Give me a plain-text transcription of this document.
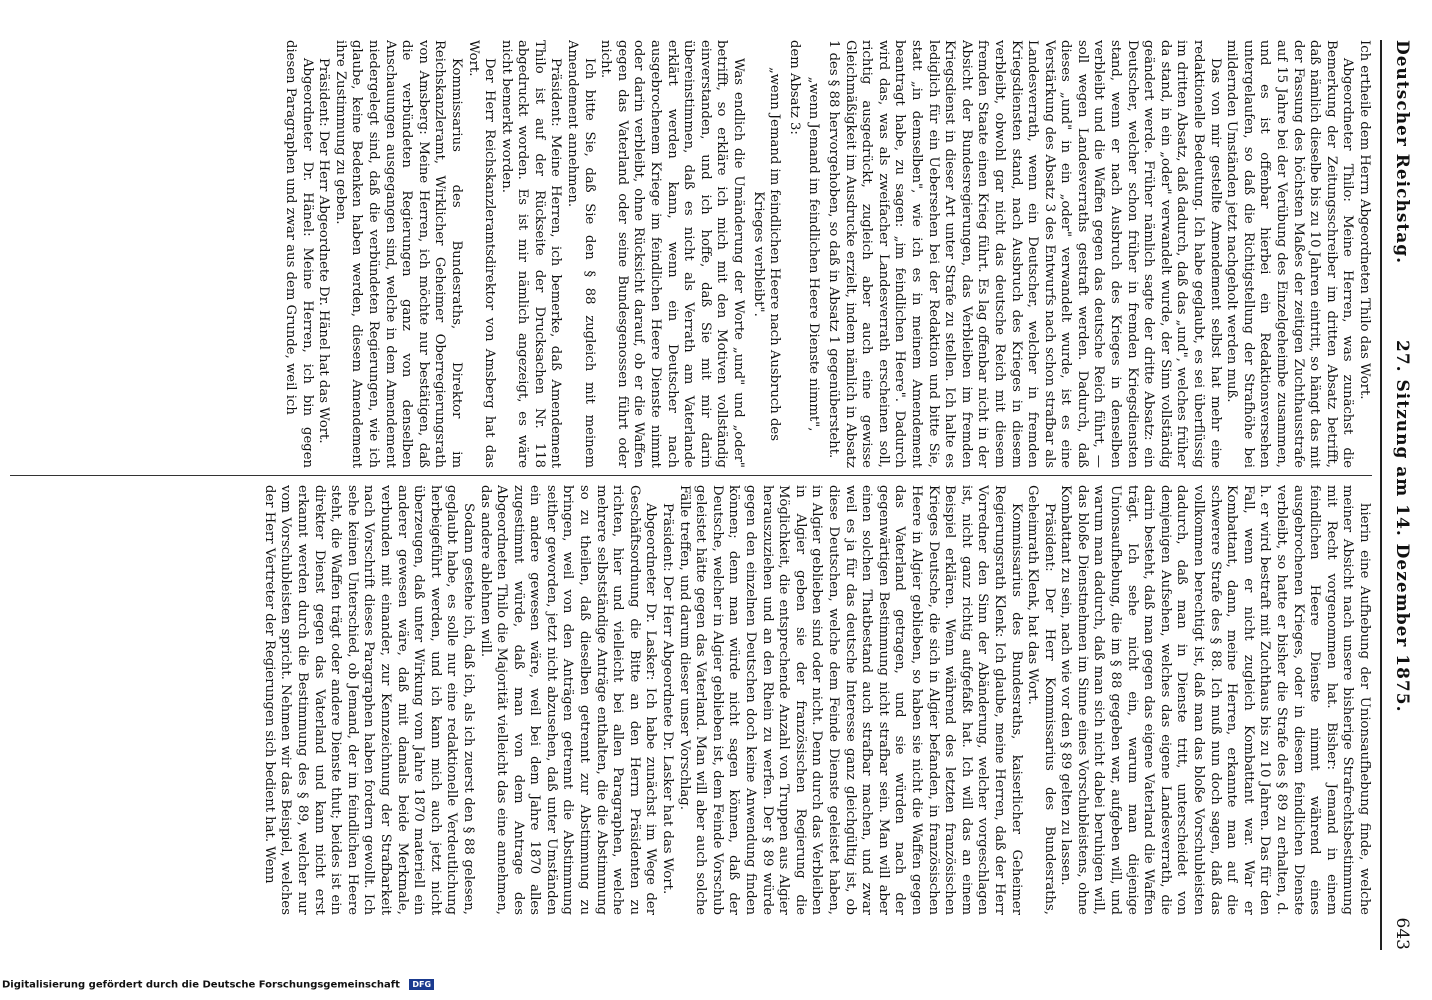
Deutscher Reichstag.
27. Sitzung am 14. Dezember 1875.
643

Ich ertheile dem Herrn Abgeordneten Thilo das Wort.

Abgeordneter Thilo: Meine Herren, was zunächst die Bemerkung der Zeitungsschreiber im dritten Absatz betrifft, daß nämlich dieselbe bis zu 10 Jahren eintritt, so hängt das mit der Fassung des höchsten Maßes der zeitigen Zuchthausstrafe auf 15 Jahre bei der Verübung des Einzelgeheimbe zusammen, und es ist offenbar hierbei ein Redaktionsversehen untergelaufen, so daß die Richtigstellung der Strafhöhe bei mildernden Umständen jetzt nachgeholt werden muß.

Das von mir gestellte Amendement selbst hat mehr eine redaktionelle Bedeutung. Ich habe geglaubt, es sei überflüssig im dritten Absatz, daß dadurch, daß das „und", welches früher da stand, in ein „oder" verwandelt wurde, der Sinn vollständig geändert werde. Früher nämlich sagte der dritte Absatz: ein Deutscher, welcher schon früher in fremden Kriegsdiensten stand, wenn er nach Ausbruch des Krieges in denselben verbleibt und die Waffen gegen das deutsche Reich führt, — soll wegen Landesverraths gestraft werden. Dadurch, daß dieses „und" in ein „oder" verwandelt wurde, ist es eine Verstärkung des Absatz 3 des Entwurfs nach schon strafbar als Landesverrath, wenn ein Deutscher, welcher in fremden Kriegsdiensten stand, nach Ausbruch des Krieges in diesem verbleibt, obwohl gar nicht das deutsche Reich mit diesem fremden Staate einen Krieg führt. Es lag offenbar nicht in der Absicht der Bundesregierungen, das Verbleiben im fremden Kriegsdienst in dieser Art unter Strafe zu stellen. Ich halte es lediglich für ein Uebersehen bei der Redaktion und bitte Sie, statt „in demselben", wie ich es in meinem Amendement beantragt habe, zu sagen: „im feindlichen Heere". Dadurch wird das, was als zweifacher Landesverrath erscheinen soll, richtig ausgedrückt, zugleich aber auch eine gewisse Gleichmäßigkeit im Ausdrucke erzielt, indem nämlich in Absatz 1 des § 88 hervorgehoben, so daß in Absatz 1 gegenübersteht.

„wenn Jemand im feindlichen Heere Dienste nimmt",

dem Absatz 3:

„wenn Jemand im feindlichen Heere nach Ausbruch des Krieges verbleibt".

Was endlich die Umänderung der Worte „und" und „oder" betrifft, so erkläre ich mich mit den Motiven vollständig einverstanden, und ich hoffe, daß Sie mit mir darin übereinstimmen, daß es nicht als Verrath am Vaterlande erklärt werden kann, wenn ein Deutscher nach ausgebrochenem Kriege im feindlichen Heere Dienste nimmt oder darin verbleibt, ohne Rücksicht darauf, ob er die Waffen gegen das Vaterland oder seine Bundesgenossen führt oder nicht.

Ich bitte Sie, daß Sie den § 88 zugleich mit meinem Amendement annehmen.

Präsident: Meine Herren, ich bemerke, daß Amendement Thilo ist auf der Rückseite der Drucksachen Nr. 118 abgedruckt worden. Es ist mir nämlich angezeigt, es wäre nicht bemerkt worden.

Der Herr Reichskanzleramtsdirektor von Amsberg hat das Wort.

Kommissarius des Bundesraths, Direktor im Reichskanzleramt, Wirklicher Geheimer Oberregierungsrath von Amsberg: Meine Herren, ich möchte nur bestätigen, daß die verbündeten Regierungen ganz von denselben Anschauungen ausgegangen sind, welche in dem Amendement niedergelegt sind, daß die verbündeten Regierungen, wie ich glaube, keine Bedenken haben werden, diesem Amendement ihre Zustimmung zu geben.

Präsident: Der Herr Abgeordnete Dr. Hänel hat das Wort.

Abgeordneter Dr. Hänel: Meine Herren, ich bin gegen diesen Paragraphen und zwar aus dem Grunde, weil ich

hierin eine Aufhebung der Unionsaufhebung finde, welche meiner Absicht nach unsere bisherige Strafrechtsbestimmung mit Recht vorgenommen hat. Bisher: Jemand in einem feindlichen Heere Dienste nimmt während eines ausgebrochenen Krieges, oder in diesem feindlichen Dienste verbleibt, so hatte er bisher die Strafe des § 89 zu erhalten, d. h. er wird bestraft mit Zuchthaus bis zu 10 Jahren. Das für den Fall, wenn er nicht zugleich Kombattant war. War er Kombattant, dann, meine Herren, erkannte man auf die schwerere Strafe des § 88. Ich muß nun doch sagen, daß das vollkommen berechtigt ist, daß man das bloße Vorschubleisten dadurch, daß man in Dienste tritt, unterscheidet von demjenigen Aufsehen, welches das eigene Landesverrath, die darin besteht, daß man gegen das eigene Vaterland die Waffen trägt. Ich sehe nicht ein, warum man diejenige Unionsaufhebung, die im § 88 gegeben war, aufgeben will, und warum man dadurch, daß man sich nicht dabei beruhigen will, das bloße Dienstnehmen im Sinne eines Vorschubleistens, ohne Kombattant zu sein, nach wie vor den § 89 gelten zu lassen.

Präsident: Der Herr Kommissarius des Bundesraths, Geheimrath Klenk, hat das Wort.

Kommissarius des Bundesraths, kaiserlicher Geheimer Regierungsrath Klenk: Ich glaube, meine Herren, daß der Herr Vorredner den Sinn der Abänderung, welcher vorgeschlagen ist, nicht ganz richtig aufgefaßt hat. Ich will das an einem Beispiel erklären. Wenn während des letzten französischen Krieges Deutsche, die sich in Algier befanden, in französischen Heere in Algier geblieben, so haben sie nicht die Waffen gegen das Vaterland getragen, und sie würden nach der gegenwärtigen Bestimmung nicht strafbar sein. Man will aber einen solchen Thatbestand auch strafbar machen, und zwar weil es ja für das deutsche Interesse ganz gleichgültig ist, ob diese Deutschen, welche dem Feinde Dienste geleistet haben, in Algier geblieben sind oder nicht. Denn durch das Verbleiben in Algier geben sie der französischen Regierung die Möglichkeit, die entsprechende Anzahl von Truppen aus Algier herauszuziehen und an den Rhein zu werfen. Der § 89 würde gegen den einzelnen Deutschen doch keine Anwendung finden können; denn man würde nicht sagen können, daß der Deutsche, welcher in Algier geblieben ist, dem Feinde Vorschub geleistet hätte gegen das Vaterland. Man will aber auch solche Fälle treffen, und darum dieser unser Vorschlag.

Präsident: Der Herr Abgeordnete Dr. Lasker hat das Wort.

Abgeordneter Dr. Lasker: Ich habe zunächst im Wege der Geschäftsordnung die Bitte an den Herrn Präsidenten zu richten, hier und vielleicht bei allen Paragraphen, welche mehrere selbstständige Anträge enthalten, die die Abstimmung so zu theilen, daß dieselben getrennt zur Abstimmung zu bringen, weil von den Anträgen getrennt die Abstimmung seither geworden, jetzt nicht abzusehen, daß unter Umständen ein andere gewesen wäre, weil bei dem Jahre 1870 alles zugestimmt würde, daß man von dem Antrage des Abgeordneten Thilo die Majorität vielleicht das eine annehmen, das andere ablehnen will.

Sodann gestehe ich, daß ich, als ich zuerst den § 88 gelesen, geglaubt habe, es solle nur eine redaktionelle Verdeutlichung herbeigeführt werden, und ich kann mich auch jetzt nicht überzeugen, daß unter Wirkung vom Jahre 1870 materiell ein anderer gewesen wäre, daß mit damals beide Merkmale, verbunden mit einander, zur Kennzeichnung der Strafbarkeit nach Vorschrift dieses Paragraphen haben fordern gewollt. Ich sehe keinen Unterschied, ob Jemand, der im feindlichen Heere steht, die Waffen trägt oder andere Dienste thut; beides ist ein direkter Dienst gegen das Vaterland und kann nicht erst erkannt werden durch die Bestimmung des § 89, welcher nur vom Vorschubleisten spricht. Nehmen wir das Beispiel, welches der Herr Vertreter der Regierungen sich bedient hat. Wenn

Digitalisierung gefördert durch die Deutsche Forschungsgemeinschaft DFG
